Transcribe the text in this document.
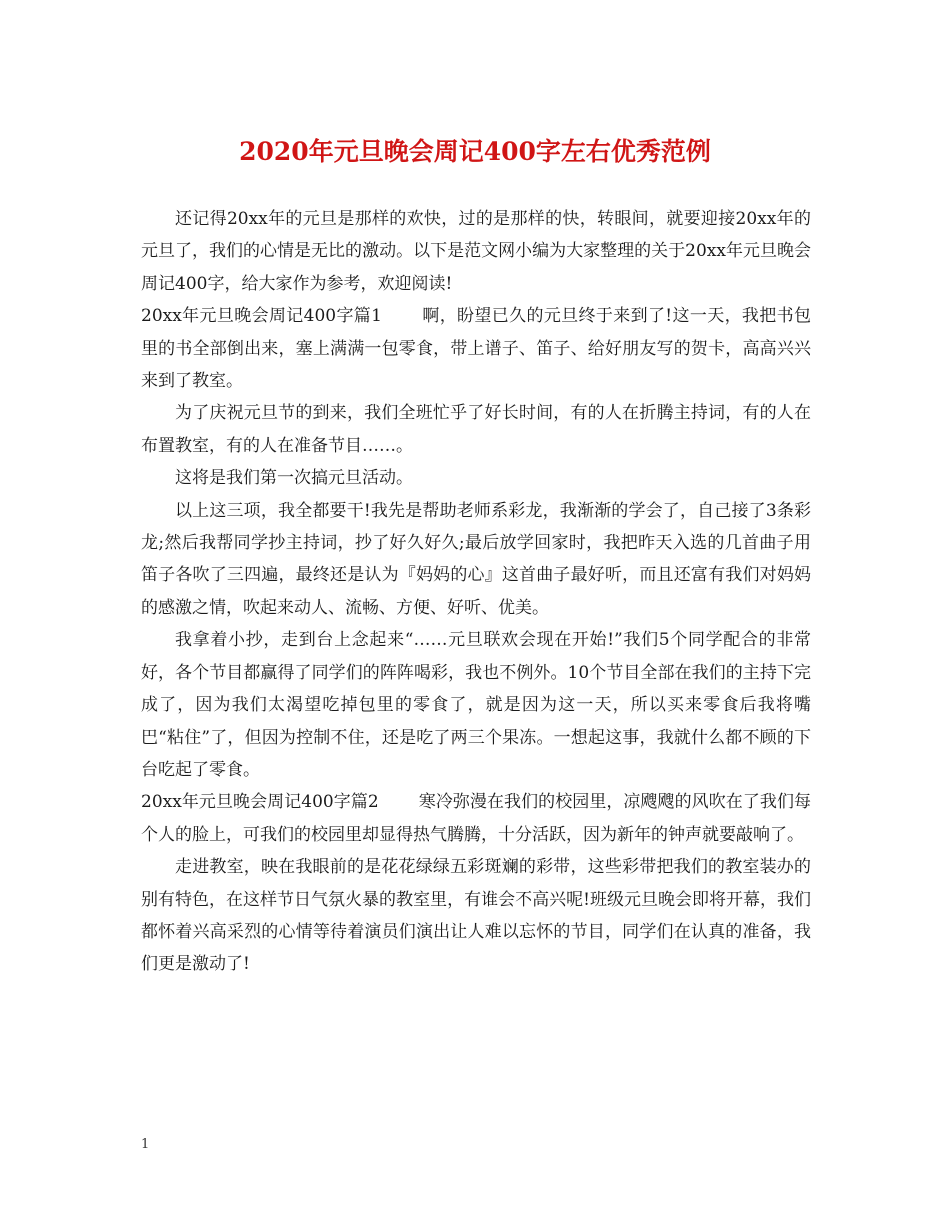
2020年元旦晚会周记400字左右优秀范例

还记得20xx年的元旦是那样的欢快，过的是那样的快，转眼间，就要迎接20xx年的元旦了，我们的心情是无比的激动。以下是范文网小编为大家整理的关于20xx年元旦晚会周记400字，给大家作为参考，欢迎阅读!

20xx年元旦晚会周记400字篇1 啊，盼望已久的元旦终于来到了!这一天，我把书包里的书全部倒出来，塞上满满一包零食，带上谱子、笛子、给好朋友写的贺卡，高高兴兴来到了教室。

为了庆祝元旦节的到来，我们全班忙乎了好长时间，有的人在折腾主持词，有的人在布置教室，有的人在准备节目……。

这将是我们第一次搞元旦活动。

以上这三项，我全都要干!我先是帮助老师系彩龙，我渐渐的学会了，自己接了3条彩龙;然后我帮同学抄主持词，抄了好久好久;最后放学回家时，我把昨天入选的几首曲子用笛子各吹了三四遍，最终还是认为『妈妈的心』这首曲子最好听，而且还富有我们对妈妈的感激之情，吹起来动人、流畅、方便、好听、优美。

我拿着小抄，走到台上念起来“……元旦联欢会现在开始!”我们5个同学配合的非常好，各个节目都赢得了同学们的阵阵喝彩，我也不例外。10个节目全部在我们的主持下完成了，因为我们太渴望吃掉包里的零食了，就是因为这一天，所以买来零食后我将嘴巴“粘住”了，但因为控制不住，还是吃了两三个果冻。一想起这事，我就什么都不顾的下台吃起了零食。

20xx年元旦晚会周记400字篇2 寒冷弥漫在我们的校园里，凉飕飕的风吹在了我们每个人的脸上，可我们的校园里却显得热气腾腾，十分活跃，因为新年的钟声就要敲响了。

走进教室，映在我眼前的是花花绿绿五彩斑斓的彩带，这些彩带把我们的教室装办的别有特色，在这样节日气氛火暴的教室里，有谁会不高兴呢!班级元旦晚会即将开幕，我们都怀着兴高采烈的心情等待着演员们演出让人难以忘怀的节目，同学们在认真的准备，我们更是激动了!

1
